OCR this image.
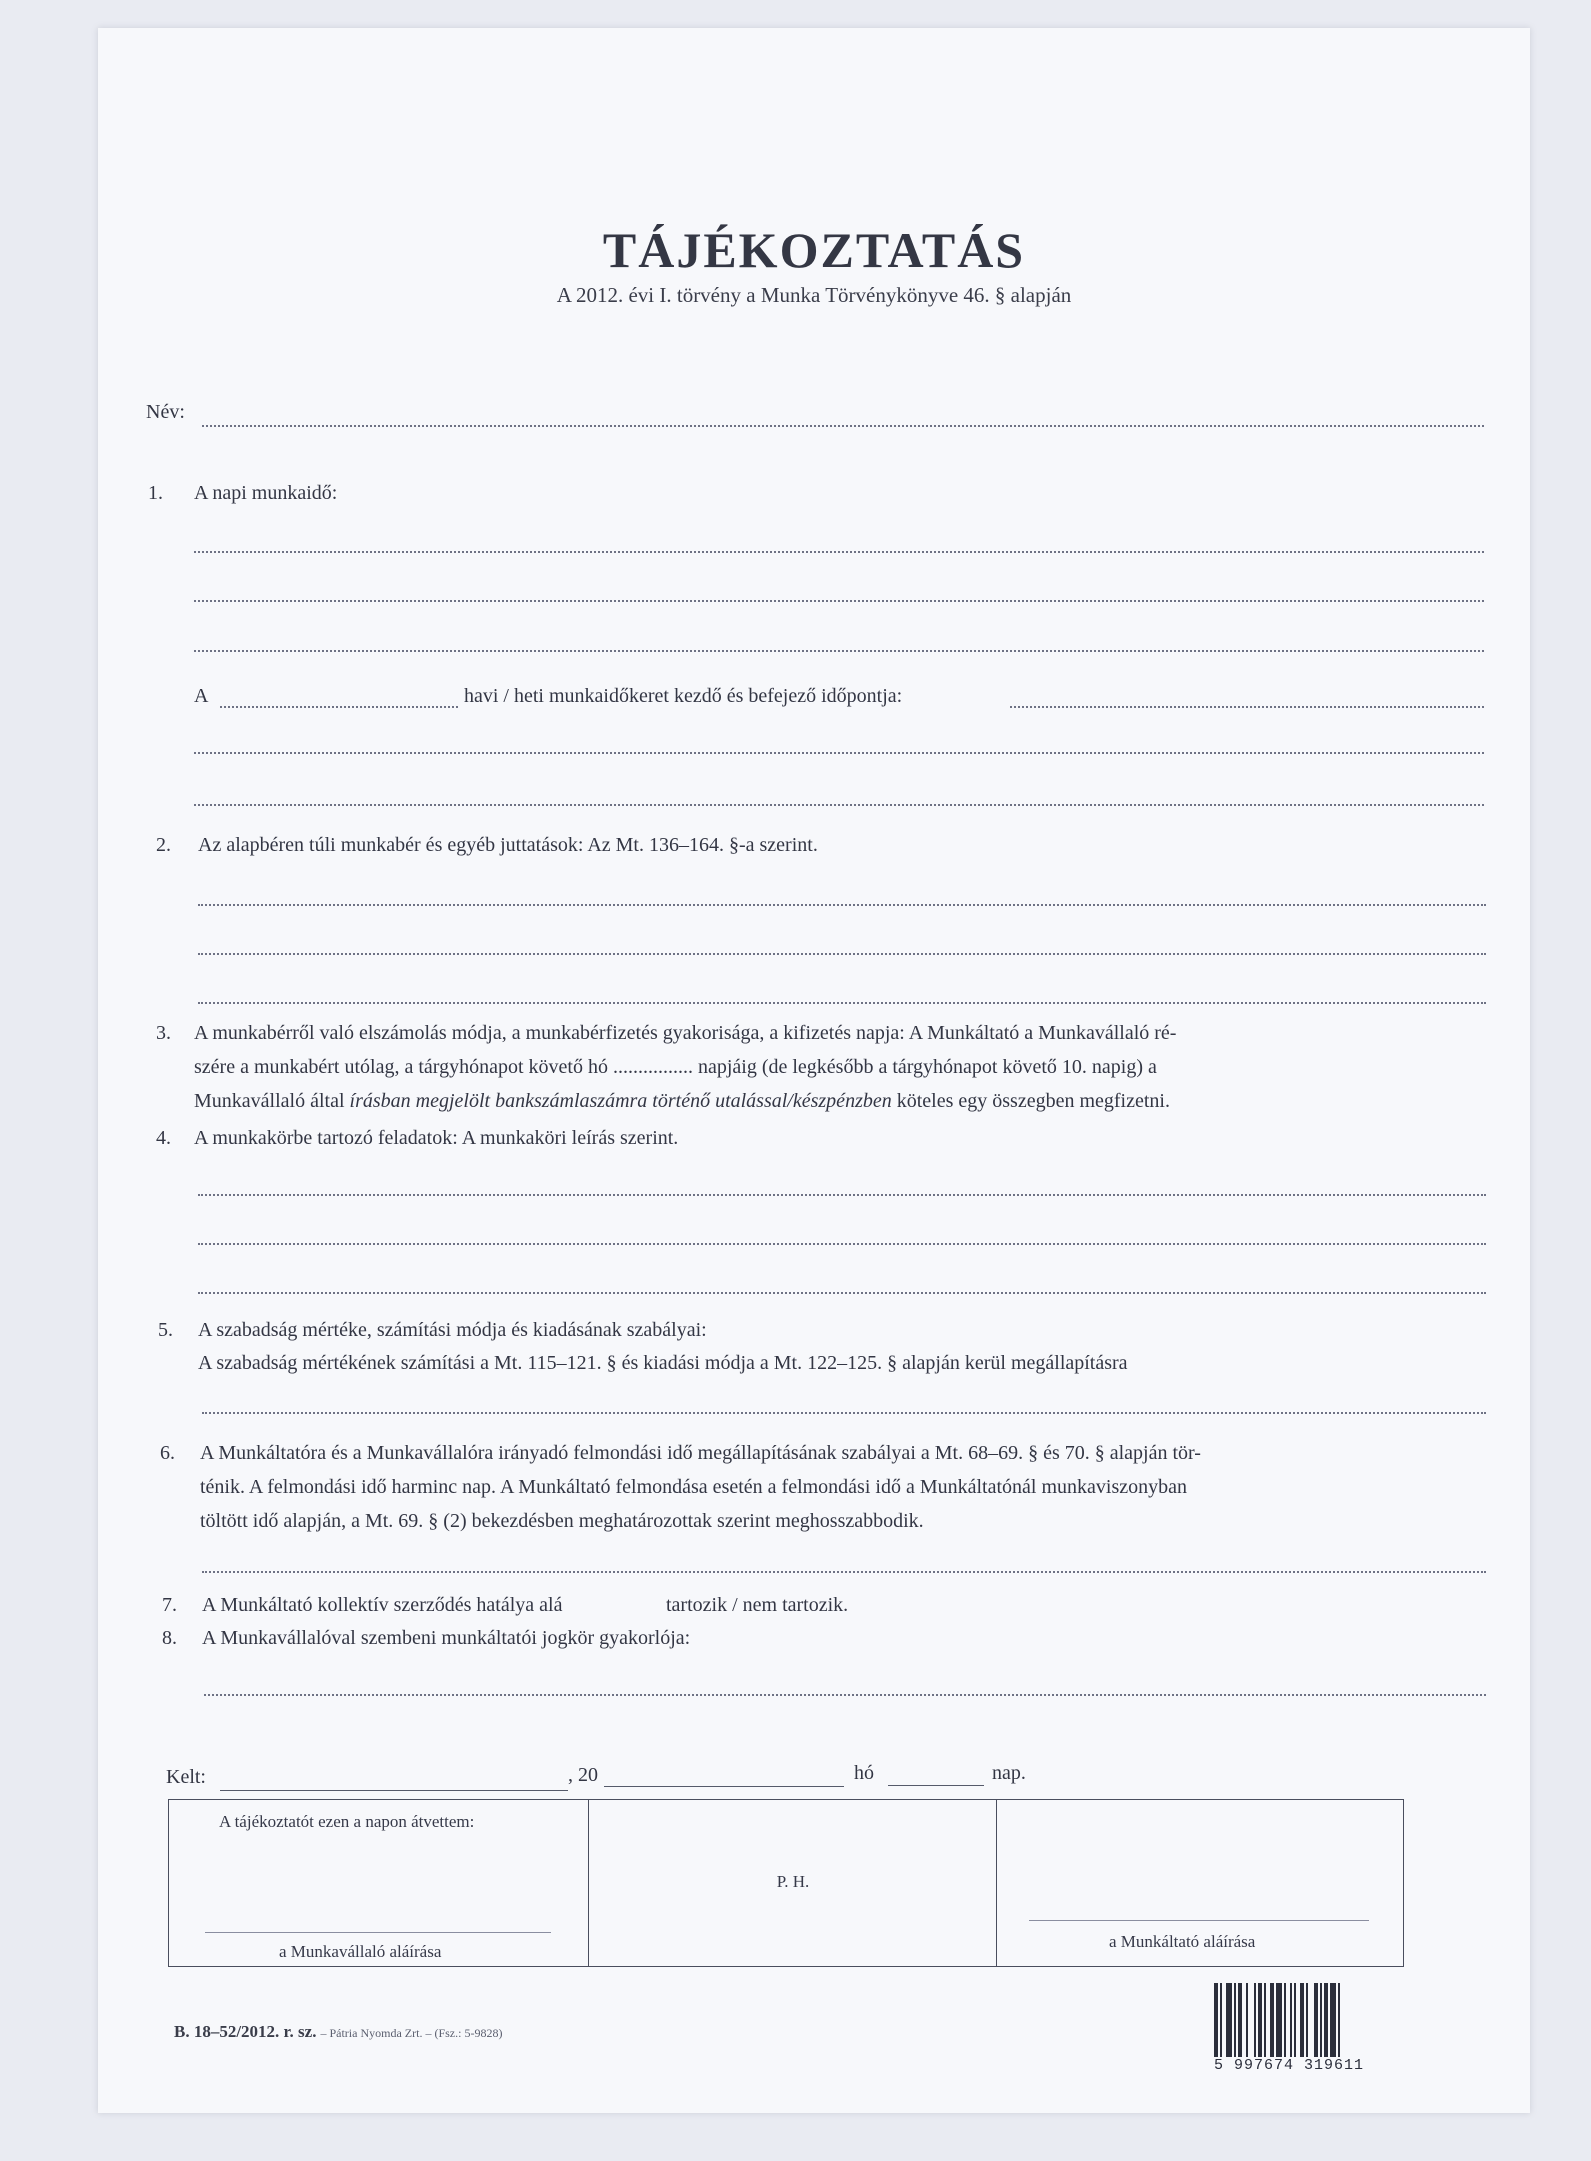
TÁJÉKOZTATÁS
A 2012. évi I. törvény a Munka Törvénykönyve 46. § alapján
Név:
1.	A napi munkaidő:
A	havi / heti munkaidőkeret kezdő és befejező időpontja:
2.	Az alapbéren túli munkabér és egyéb juttatások: Az Mt. 136–164. §-a szerint.
3.	A munkabérről való elszámolás módja, a munkabérfizetés gyakorisága, a kifizetés napja: A Munkáltató a Munkavállaló ré-
szére a munkabért utólag, a tárgyhónapot követő hó ................ napjáig (de legkésőbb a tárgyhónapot követő 10. napig) a
Munkavállaló által írásban megjelölt bankszámlaszámra történő utalással/készpénzben köteles egy összegben megfizetni.
4.	A munkakörbe tartozó feladatok: A munkaköri leírás szerint.
5.	A szabadság mértéke, számítási módja és kiadásának szabályai:
A szabadság mértékének számítási a Mt. 115–121. § és kiadási módja a Mt. 122–125. § alapján kerül megállapításra
6.	A Munkáltatóra és a Munkavállalóra irányadó felmondási idő megállapításának szabályai a Mt. 68–69. § és 70. § alapján tör-
ténik. A felmondási idő harminc nap. A Munkáltató felmondása esetén a felmondási idő a Munkáltatónál munkaviszonyban
töltött idő alapján, a Mt. 69. § (2) bekezdésben meghatározottak szerint meghosszabbodik.
7.	A Munkáltató kollektív szerződés hatálya alá	tartozik / nem tartozik.
8.	A Munkavállalóval szembeni munkáltatói jogkör gyakorlója:
Kelt:	, 20	hó	nap.
A tájékoztatót ezen a napon átvettem:
a Munkavállaló aláírása
P. H.
a Munkáltató aláírása
B. 18–52/2012. r. sz. – Pátria Nyomda Zrt. – (Fsz.: 5-9828)
5 997674 319611
